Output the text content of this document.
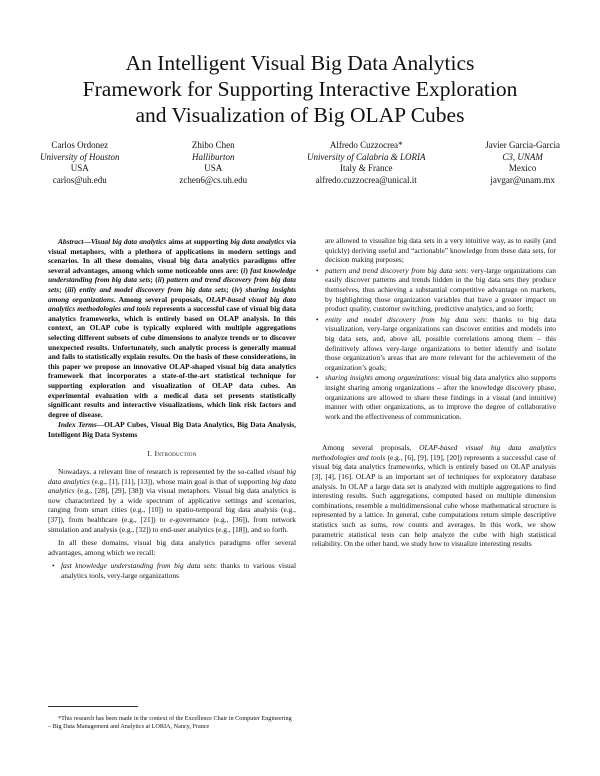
An Intelligent Visual Big Data Analytics
Framework for Supporting Interactive Exploration
and Visualization of Big OLAP Cubes
Carlos Ordonez
University of Houston
USA
carlos@uh.edu
Zhibo Chen
Halliburton
USA
zchen6@cs.uh.edu
Alfredo Cuzzocrea*
University of Calabria & LORIA
Italy & France
alfredo.cuzzocrea@unical.it
Javier Garcia-Garcia
C3, UNAM
Mexico
javgar@unam.mx

Abstract—Visual big data analytics aims at supporting big data analytics via visual metaphors, with a plethora of applications in modern settings and scenarios. In all these domains, visual big data analytics paradigms offer several advantages, among which some noticeable ones are: (i) fast knowledge understanding from big data sets; (ii) pattern and trend discovery from big data sets; (iii) entity and model discovery from big data sets; (iv) sharing insights among organizations. Among several proposals, OLAP-based visual big data analytics methodologies and tools represents a successful case of visual big data analytics frameworks, which is entirely based on OLAP analysis. In this context, an OLAP cube is typically explored with multiple aggregations selecting different subsets of cube dimensions to analyze trends or to discover unexpected results. Unfortunately, such analytic process is generally manual and fails to statistically explain results. On the basis of these considerations, in this paper we propose an innovative OLAP-shaped visual big data analytics framework that incorporates a state-of-the-art statistical technique for supporting exploration and visualization of OLAP data cubes. An experimental evaluation with a medical data set presents statistically significant results and interactive visualizations, which link risk factors and degree of disease.

Index Terms—OLAP Cubes, Visual Big Data Analytics, Big Data Analysis, Intelligent Big Data Systems

I. Introduction

Nowadays, a relevant line of research is represented by the so-called visual big data analytics (e.g., [1], [11], [13]), whose main goal is that of supporting big data analytics (e.g., [28], [29], [38]) via visual metaphors. Visual big data analytics is now characterized by a wide spectrum of applicative settings and scenarios, ranging from smart cities (e.g., [10]) to spatio-temporal big data analysis (e.g., [37]), from healthcare (e.g., [21]) to e-governance (e.g., [36]), from network simulation and analysis (e.g., [32]) to end-user analytics (e.g., [18]), and so forth.

In all these domains, visual big data analytics paradigms offer several advantages, among which we recall:

• fast knowledge understanding from big data sets: thanks to various visual analytics tools, very-large organizations

*This research has been made in the context of the Excellence Chair in Computer Engineering – Big Data Management and Analytics at LORIA, Nancy, France

are allowed to visualize big data sets in a very intuitive way, as to easily (and quickly) deriving useful and “actionable” knowledge from these data sets, for decision making purposes;
• pattern and trend discovery from big data sets: very-large organizations can easily discover patterns and trends hidden in the big data sets they produce themselves, thus achieving a substantial competitive advantage on markets, by highlighting those organization variables that have a greater impact on product quality, customer switching, predictive analytics, and so forth;
• entity and model discovery from big data sets: thanks to big data visualization, very-large organizations can discover entities and models into big data sets, and, above all, possible correlations among them – this definitively allows very-large organizations to better identify and isolate those organization’s areas that are more relevant for the achievement of the organization’s goals;
• sharing insights among organizations: visual big data analytics also supports insight sharing among organizations – after the knowledge discovery phase, organizations are allowed to share these findings in a visual (and intuitive) manner with other organizations, as to improve the degree of collaborative work and the effectiveness of communication.

Among several proposals, OLAP-based visual big data analytics methodologies and tools (e.g., [6], [9], [19], [20]) represents a successful case of visual big data analytics frameworks, which is entirely based on OLAP analysis [3], [4], [16]. OLAP is an important set of techniques for exploratory database analysis. In OLAP a large data set is analyzed with multiple aggregations to find interesting results. Such aggregations, computed based on multiple dimension combinations, resemble a multidimensional cube whose mathematical structure is represented by a lattice. In general, cube computations return simple descriptive statistics such as sums, row counts and averages. In this work, we show parametric statistical tests can help analyze the cube with high statistical reliability. On the other hand, we study how to visualize interesting results
